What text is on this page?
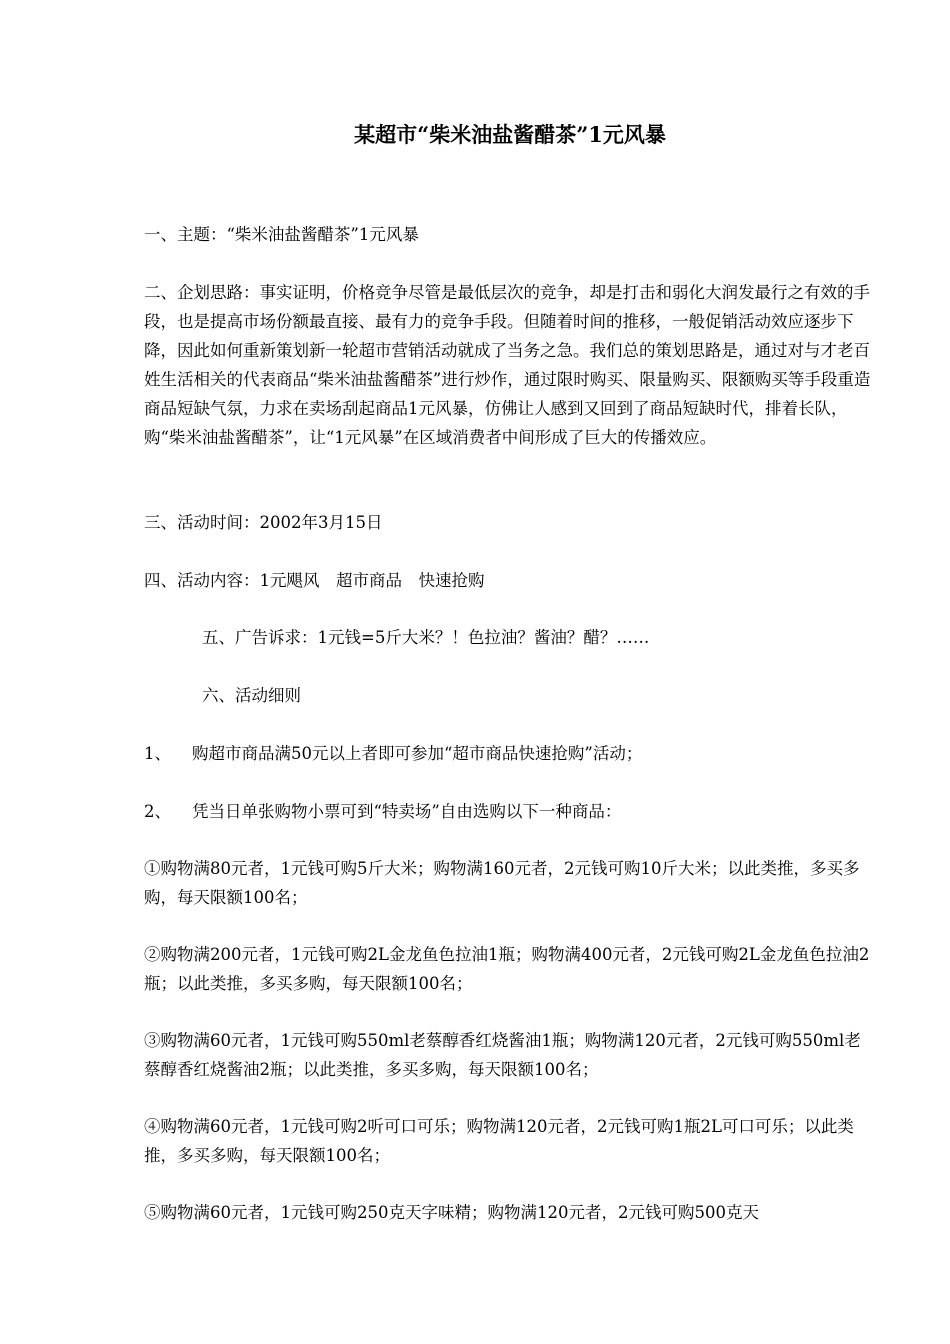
某超市“柴米油盐酱醋茶”1元风暴
一、主题：“柴米油盐酱醋茶”1元风暴
二、企划思路：事实证明，价格竞争尽管是最低层次的竞争，却是打击和弱化大润发最行之有效的手段，也是提高市场份额最直接、最有力的竞争手段。但随着时间的推移，一般促销活动效应逐步下降，因此如何重新策划新一轮超市营销活动就成了当务之急。我们总的策划思路是，通过对与才老百姓生活相关的代表商品“柴米油盐酱醋茶”进行炒作，通过限时购买、限量购买、限额购买等手段重造商品短缺气氛，力求在卖场刮起商品1元风暴，仿佛让人感到又回到了商品短缺时代，排着长队，购“柴米油盐酱醋茶”，让“1元风暴”在区域消费者中间形成了巨大的传播效应。
三、活动时间：2002年3月15日
四、活动内容：1元飓风　超市商品　快速抢购
五、广告诉求：1元钱=5斤大米？！色拉油？酱油？醋？……
六、活动细则
1、 购超市商品满50元以上者即可参加“超市商品快速抢购”活动；
2、 凭当日单张购物小票可到“特卖场”自由选购以下一种商品：
①购物满80元者，1元钱可购5斤大米；购物满160元者，2元钱可购10斤大米；以此类推，多买多购，每天限额100名；
②购物满200元者，1元钱可购2L金龙鱼色拉油1瓶；购物满400元者，2元钱可购2L金龙鱼色拉油2瓶；以此类推，多买多购，每天限额100名；
③购物满60元者，1元钱可购550ml老蔡醇香红烧酱油1瓶；购物满120元者，2元钱可购550ml老蔡醇香红烧酱油2瓶；以此类推，多买多购，每天限额100名；
④购物满60元者，1元钱可购2听可口可乐；购物满120元者，2元钱可购1瓶2L可口可乐；以此类推，多买多购，每天限额100名；
⑤购物满60元者，1元钱可购250克天字味精；购物满120元者，2元钱可购500克天
